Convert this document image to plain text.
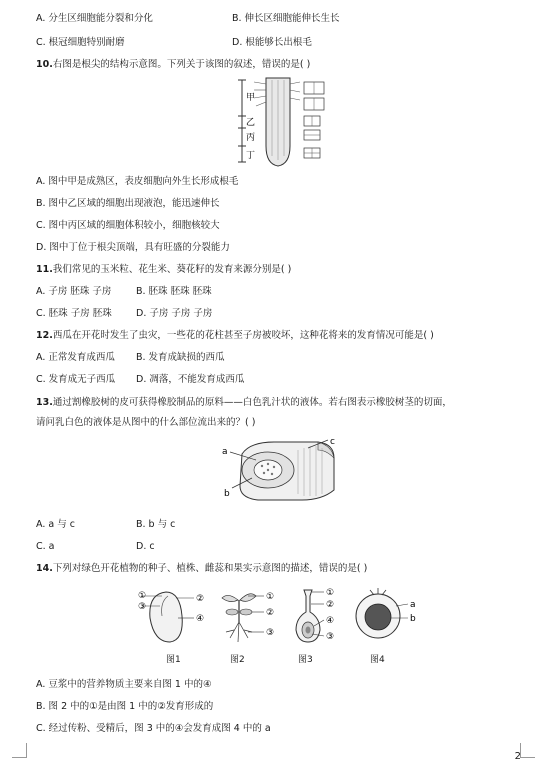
A. 分生区细胞能分裂和分化	B. 伸长区细胞能伸长生长
C. 根冠细胞特别耐磨	D. 根能够长出根毛
10.右图是根尖的结构示意图。下列关于该图的叙述，错误的是( )
甲
乙
丙
丁
A. 图中甲是成熟区，表皮细胞向外生长形成根毛
B. 图中乙区域的细胞出现液泡，能迅速伸长
C. 图中丙区域的细胞体积较小，细胞核较大
D. 图中丁位于根尖顶端，具有旺盛的分裂能力
11.我们常见的玉米粒、花生米、葵花籽的发育来源分别是( )
A. 子房 胚珠 子房	B. 胚珠 胚珠 胚珠
C. 胚珠 子房 胚珠	D. 子房 子房 子房
12.西瓜在开花时发生了虫灾，一些花的花柱甚至子房被咬坏，这种花将来的发育情况可能是( )
A. 正常发育成西瓜 B. 发育成缺损的西瓜
C. 发育成无子西瓜 D. 凋落，不能发育成西瓜
13.通过割橡胶树的皮可获得橡胶制品的原料——白色乳汁状的液体。若右图表示橡胶树茎的切面，
请问乳白色的液体是从图中的什么部位流出来的？( )
a
b
c
A. a 与 c	B. b 与 c
C. a	D. c
14.下列对绿色开花植物的种子、植株、雌蕊和果实示意图的描述，错误的是( )
①
③
②
④
①
②
③
①
②
④
③
a
b
图1	图2	图3	图4
A. 豆浆中的营养物质主要来自图 1 中的④
B. 图 2 中的①是由图 1 中的②发育形成的
C. 经过传粉、受精后，图 3 中的④会发育成图 4 中的 a
2
